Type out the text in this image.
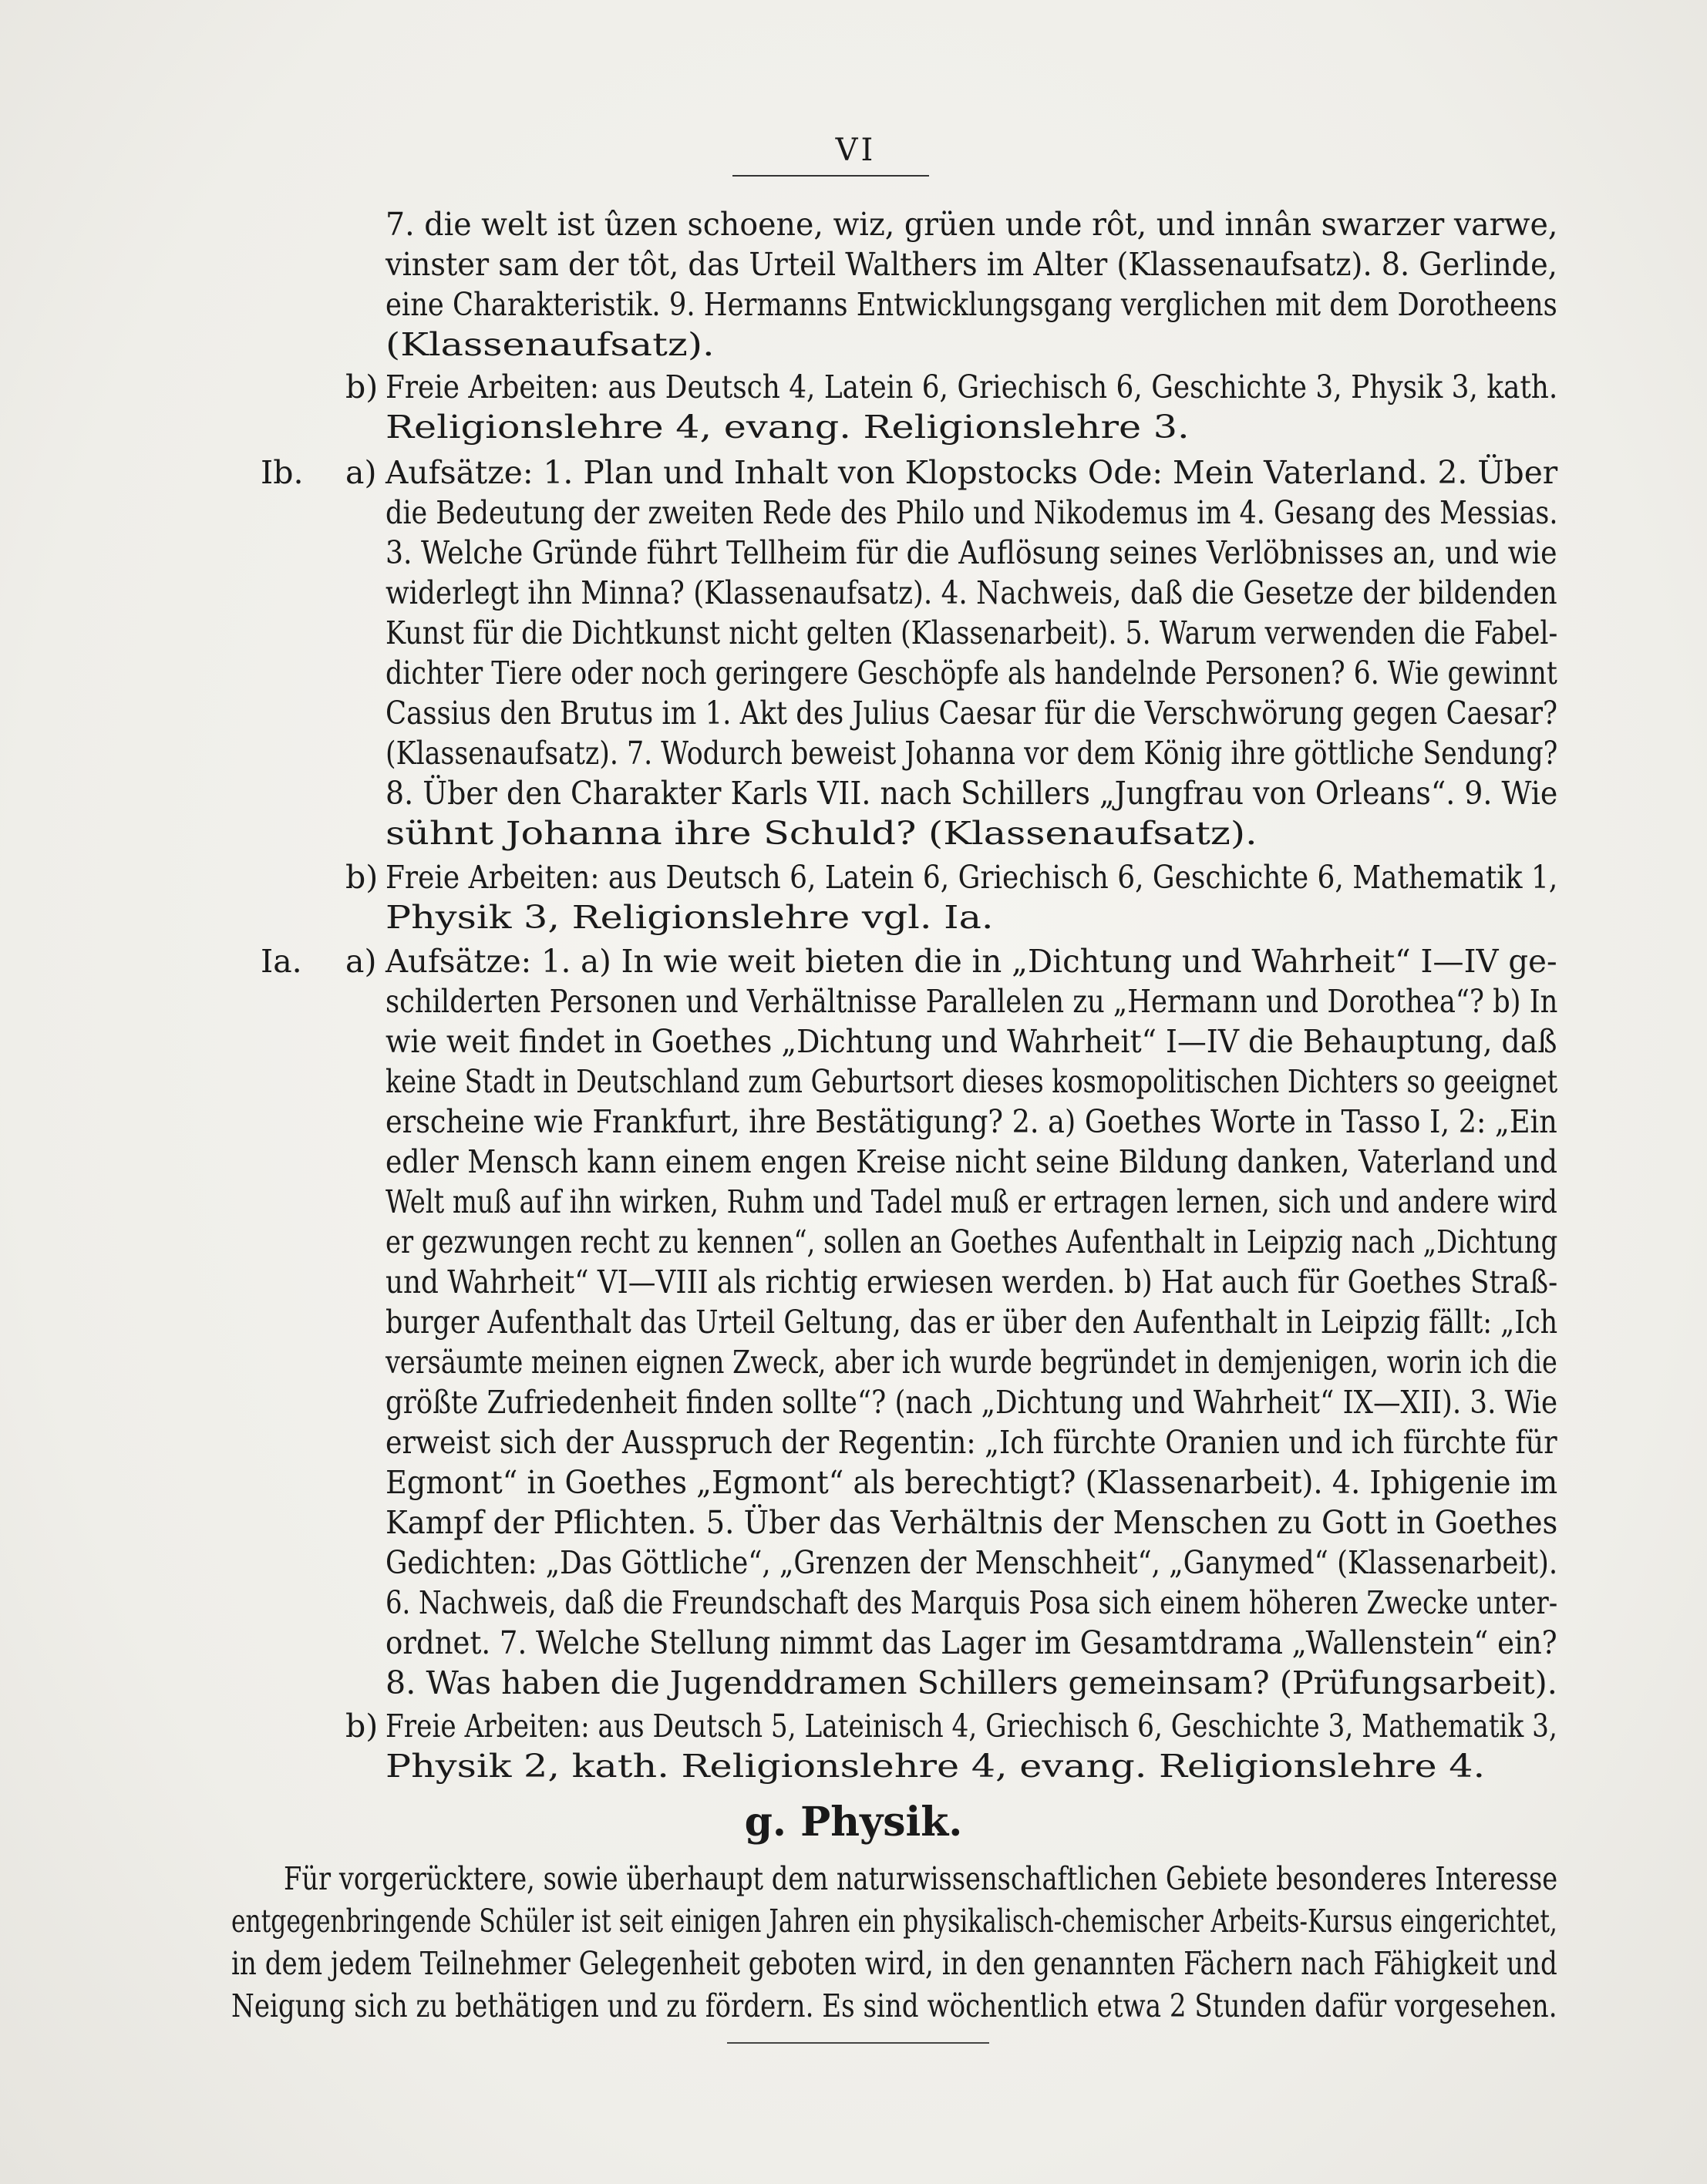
VI
7. die welt ist ûzen schoene, wiz, grüen unde rôt, und innân swarzer varwe,
vinster sam der tôt, das Urteil Walthers im Alter (Klassenaufsatz). 8. Gerlinde,
eine Charakteristik. 9. Hermanns Entwicklungsgang verglichen mit dem Dorotheens
(Klassenaufsatz).
b) Freie Arbeiten: aus Deutsch 4, Latein 6, Griechisch 6, Geschichte 3, Physik 3, kath.
Religionslehre 4, evang. Religionslehre 3.
Ib. a) Aufsätze: 1. Plan und Inhalt von Klopstocks Ode: Mein Vaterland. 2. Über
die Bedeutung der zweiten Rede des Philo und Nikodemus im 4. Gesang des Messias.
3. Welche Gründe führt Tellheim für die Auflösung seines Verlöbnisses an, und wie
widerlegt ihn Minna? (Klassenaufsatz). 4. Nachweis, daß die Gesetze der bildenden
Kunst für die Dichtkunst nicht gelten (Klassenarbeit). 5. Warum verwenden die Fabel-
dichter Tiere oder noch geringere Geschöpfe als handelnde Personen? 6. Wie gewinnt
Cassius den Brutus im 1. Akt des Julius Caesar für die Verschwörung gegen Caesar?
(Klassenaufsatz). 7. Wodurch beweist Johanna vor dem König ihre göttliche Sendung?
8. Über den Charakter Karls VII. nach Schillers „Jungfrau von Orleans“. 9. Wie
sühnt Johanna ihre Schuld? (Klassenaufsatz).
b) Freie Arbeiten: aus Deutsch 6, Latein 6, Griechisch 6, Geschichte 6, Mathematik 1,
Physik 3, Religionslehre vgl. Ia.
Ia. a) Aufsätze: 1. a) In wie weit bieten die in „Dichtung und Wahrheit“ I—IV ge-
schilderten Personen und Verhältnisse Parallelen zu „Hermann und Dorothea“? b) In
wie weit findet in Goethes „Dichtung und Wahrheit“ I—IV die Behauptung, daß
keine Stadt in Deutschland zum Geburtsort dieses kosmopolitischen Dichters so geeignet
erscheine wie Frankfurt, ihre Bestätigung? 2. a) Goethes Worte in Tasso I, 2: „Ein
edler Mensch kann einem engen Kreise nicht seine Bildung danken, Vaterland und
Welt muß auf ihn wirken, Ruhm und Tadel muß er ertragen lernen, sich und andere wird
er gezwungen recht zu kennen“, sollen an Goethes Aufenthalt in Leipzig nach „Dichtung
und Wahrheit“ VI—VIII als richtig erwiesen werden. b) Hat auch für Goethes Straß-
burger Aufenthalt das Urteil Geltung, das er über den Aufenthalt in Leipzig fällt: „Ich
versäumte meinen eignen Zweck, aber ich wurde begründet in demjenigen, worin ich die
größte Zufriedenheit finden sollte“? (nach „Dichtung und Wahrheit“ IX—XII). 3. Wie
erweist sich der Ausspruch der Regentin: „Ich fürchte Oranien und ich fürchte für
Egmont“ in Goethes „Egmont“ als berechtigt? (Klassenarbeit). 4. Iphigenie im
Kampf der Pflichten. 5. Über das Verhältnis der Menschen zu Gott in Goethes
Gedichten: „Das Göttliche“, „Grenzen der Menschheit“, „Ganymed“ (Klassenarbeit).
6. Nachweis, daß die Freundschaft des Marquis Posa sich einem höheren Zwecke unter-
ordnet. 7. Welche Stellung nimmt das Lager im Gesamtdrama „Wallenstein“ ein?
8. Was haben die Jugenddramen Schillers gemeinsam? (Prüfungsarbeit).
b) Freie Arbeiten: aus Deutsch 5, Lateinisch 4, Griechisch 6, Geschichte 3, Mathematik 3,
Physik 2, kath. Religionslehre 4, evang. Religionslehre 4.
g. Physik.
Für vorgerücktere, sowie überhaupt dem naturwissenschaftlichen Gebiete besonderes Interesse
entgegenbringende Schüler ist seit einigen Jahren ein physikalisch-chemischer Arbeits-Kursus eingerichtet,
in dem jedem Teilnehmer Gelegenheit geboten wird, in den genannten Fächern nach Fähigkeit und
Neigung sich zu bethätigen und zu fördern. Es sind wöchentlich etwa 2 Stunden dafür vorgesehen.
